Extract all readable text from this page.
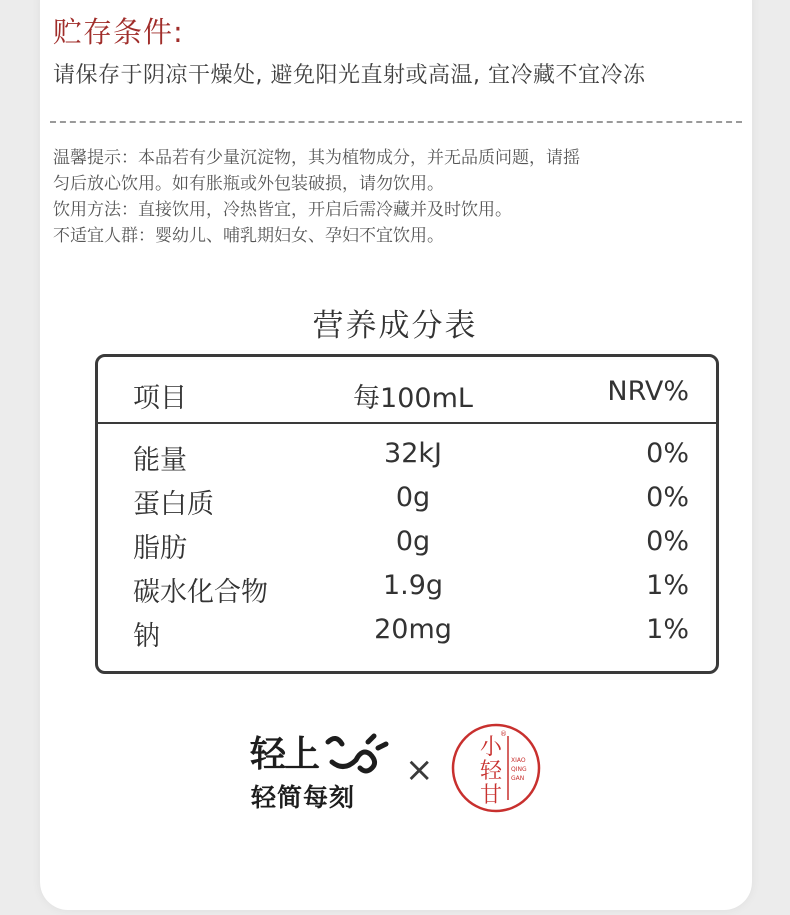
贮存条件:
请保存于阴凉干燥处, 避免阳光直射或高温, 宜冷藏不宜冷冻
温馨提示：本品若有少量沉淀物，其为植物成分，并无品质问题，请摇
匀后放心饮用。如有胀瓶或外包装破损，请勿饮用。
饮用方法：直接饮用，冷热皆宜，开启后需冷藏并及时饮用。
不适宜人群：婴幼儿、哺乳期妇女、孕妇不宜饮用。
营养成分表
项目	每100mL	NRV%
能量	32kJ	0%
蛋白质	0g	0%
脂肪	0g	0%
碳水化合物	1.9g	1%
钠	20mg	1%
轻上
轻简每刻
×
小
轻
甘
XIAO
QING
GAN
®
